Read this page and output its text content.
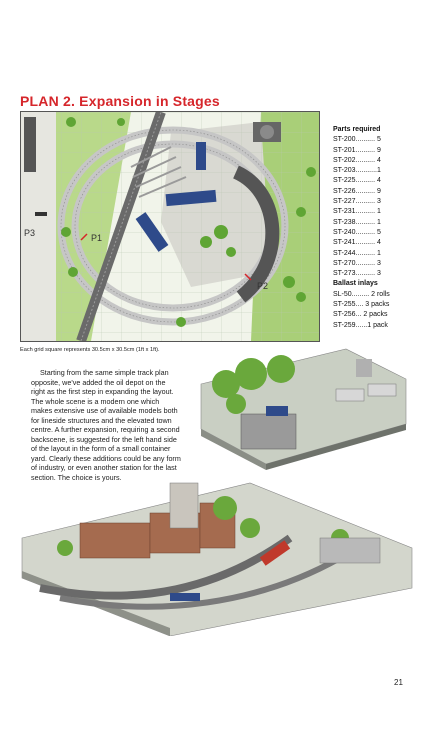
PLAN 2. Expansion in Stages
P3	P1
P2
Parts required
ST-200.......... 5
ST-201.......... 9
ST-202.......... 4
ST-203...........1
ST-225.......... 4
ST-226.......... 9
ST-227.......... 3
ST-231.......... 1
ST-238.......... 1
ST-240.......... 5
ST-241.......... 4
ST-244.......... 1
ST-270.......... 3
ST-273.......... 3
Ballast inlays
SL-50......... 2 rolls
ST-255.... 3 packs
ST-256... 2 packs
ST-259......1 pack
Each grid square represents 30.5cm x 30.5cm (1ft x 1ft).
Starting from the same simple track plan opposite, we've added the oil depot on the right as the first step in expanding the layout. The whole scene is a modern one which makes extensive use of available models both for lineside structures and the elevated town centre. A further expansion, requiring a second backscene, is suggested for the left hand side of the layout in the form of a small container yard. Clearly these additions could be any form of industry, or even another station for the last section. The choice is yours.
21
